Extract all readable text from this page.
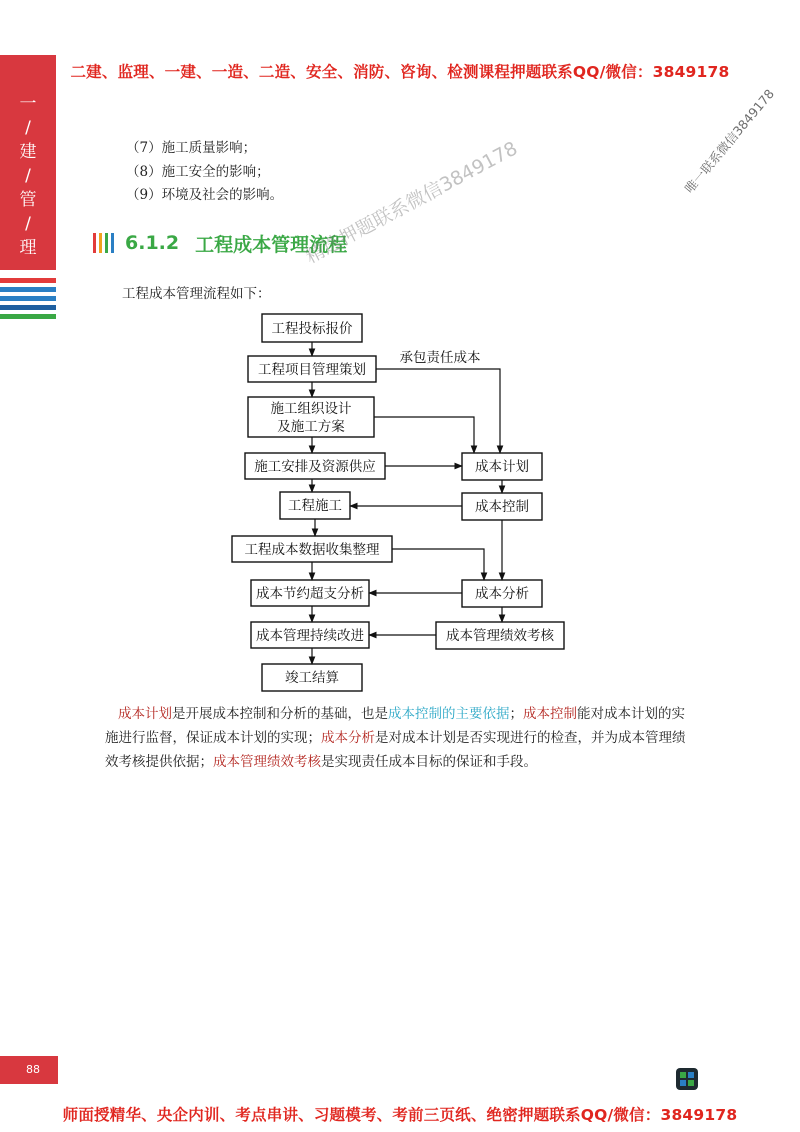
二建、监理、一建、一造、二造、安全、消防、咨询、检测课程押题联系QQ/微信：3849178
一
/
建
/
管
/
理
（7）施工质量影响；
（8）施工安全的影响；
（9）环境及社会的影响。
6.1.2 工程成本管理流程
工程成本管理流程如下：
工程投标报价
工程项目管理策划
施工组织设计
及施工方案
施工安排及资源供应
工程施工
工程成本数据收集整理
成本节约超支分析
成本管理持续改进
竣工结算
成本计划
成本控制
成本分析
成本管理绩效考核
承包责任成本
精选押题联系微信3849178	唯一联系微信3849178
成本计划是开展成本控制和分析的基础，也是成本控制的主要依据；成本控制能对成本计划的实施进行监督，保证成本计划的实现；成本分析是对成本计划是否实现进行的检查，并为成本管理绩效考核提供依据；成本管理绩效考核是实现责任成本目标的保证和手段。
88
师面授精华、央企内训、考点串讲、习题模考、考前三页纸、绝密押题联系QQ/微信：3849178
